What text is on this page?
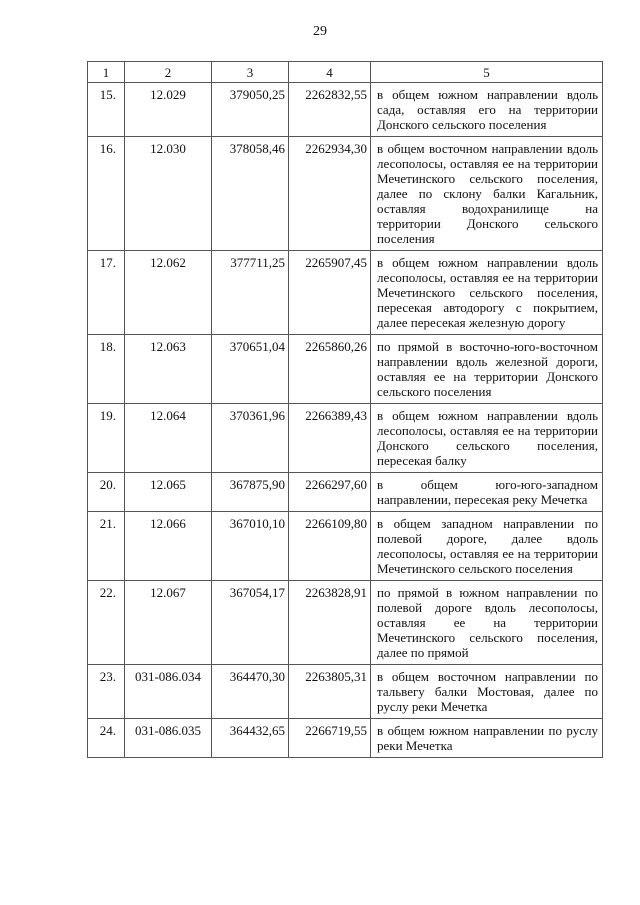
29
1	2	3	4	5
15.	12.029	379050,25	2262832,55	в общем южном направлении вдоль сада, оставляя его на территории Донского сельского поселения
16.	12.030	378058,46	2262934,30	в общем восточном направлении вдоль лесополосы, оставляя ее на территории Мечетинского сельского поселения, далее по склону балки Кагальник, оставляя водохранилище на территории Донского сельского поселения
17.	12.062	377711,25	2265907,45	в общем южном направлении вдоль лесополосы, оставляя ее на территории Мечетинского сельского поселения, пересекая автодорогу с покрытием, далее пересекая железную дорогу
18.	12.063	370651,04	2265860,26	по прямой в восточно-юго-восточном направлении вдоль железной дороги, оставляя ее на территории Донского сельского поселения
19.	12.064	370361,96	2266389,43	в общем южном направлении вдоль лесополосы, оставляя ее на территории Донского сельского поселения, пересекая балку
20.	12.065	367875,90	2266297,60	в общем юго-юго-западном направлении, пересекая реку Мечетка
21.	12.066	367010,10	2266109,80	в общем западном направлении по полевой дороге, далее вдоль лесополосы, оставляя ее на территории Мечетинского сельского поселения
22.	12.067	367054,17	2263828,91	по прямой в южном направлении по полевой дороге вдоль лесополосы, оставляя ее на территории Мечетинского сельского поселения, далее по прямой
23.	031-086.034	364470,30	2263805,31	в общем восточном направлении по тальвегу балки Мостовая, далее по руслу реки Мечетка
24.	031-086.035	364432,65	2266719,55	в общем южном направлении по руслу реки Мечетка
